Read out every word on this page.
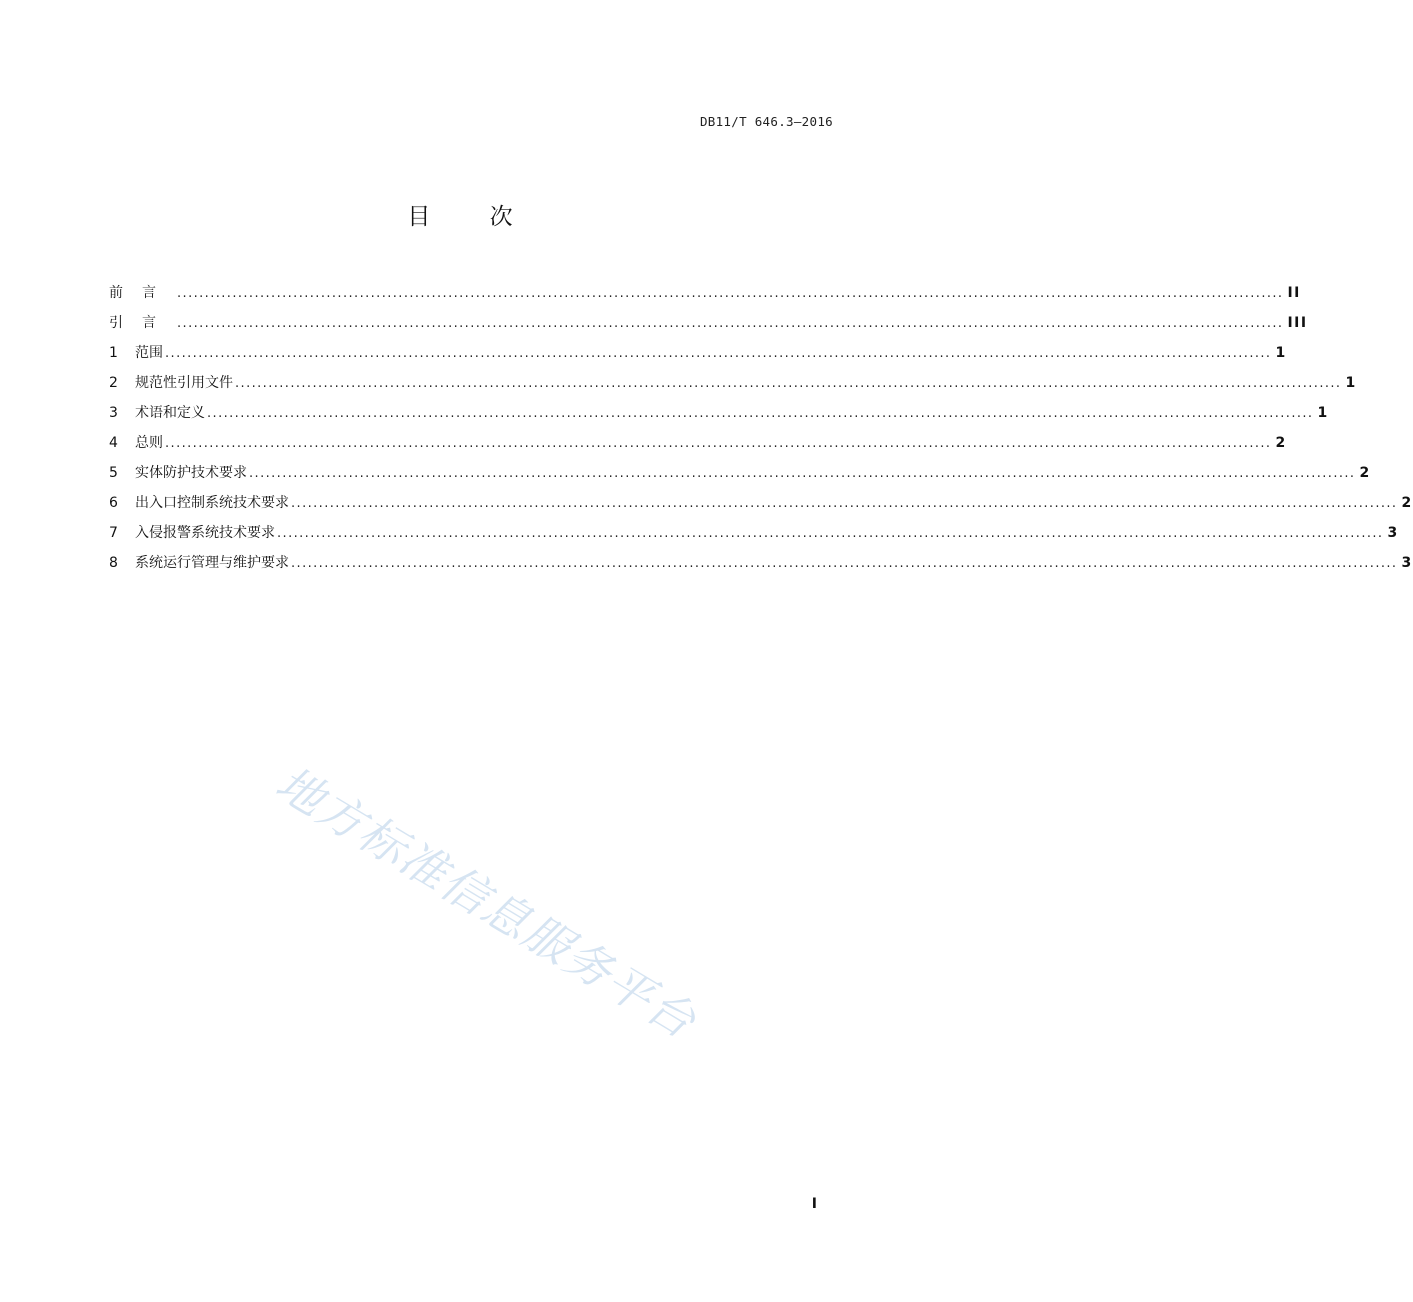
DB11/T 646.3—2016
目	次
前言 ........................................................................................................................................................................................................ II
引言 ........................................................................................................................................................................................................ III
1	范围 ........................................................................................................................................................................................................ 1
2	规范性引用文件 ........................................................................................................................................................................................................ 1
3	术语和定义 ........................................................................................................................................................................................................ 1
4	总则 ........................................................................................................................................................................................................ 2
5	实体防护技术要求 ........................................................................................................................................................................................................ 2
6	出入口控制系统技术要求 ........................................................................................................................................................................................................ 2
7	入侵报警系统技术要求 ........................................................................................................................................................................................................ 3
8	系统运行管理与维护要求 ........................................................................................................................................................................................................ 3
地方标准信息服务平台
I
